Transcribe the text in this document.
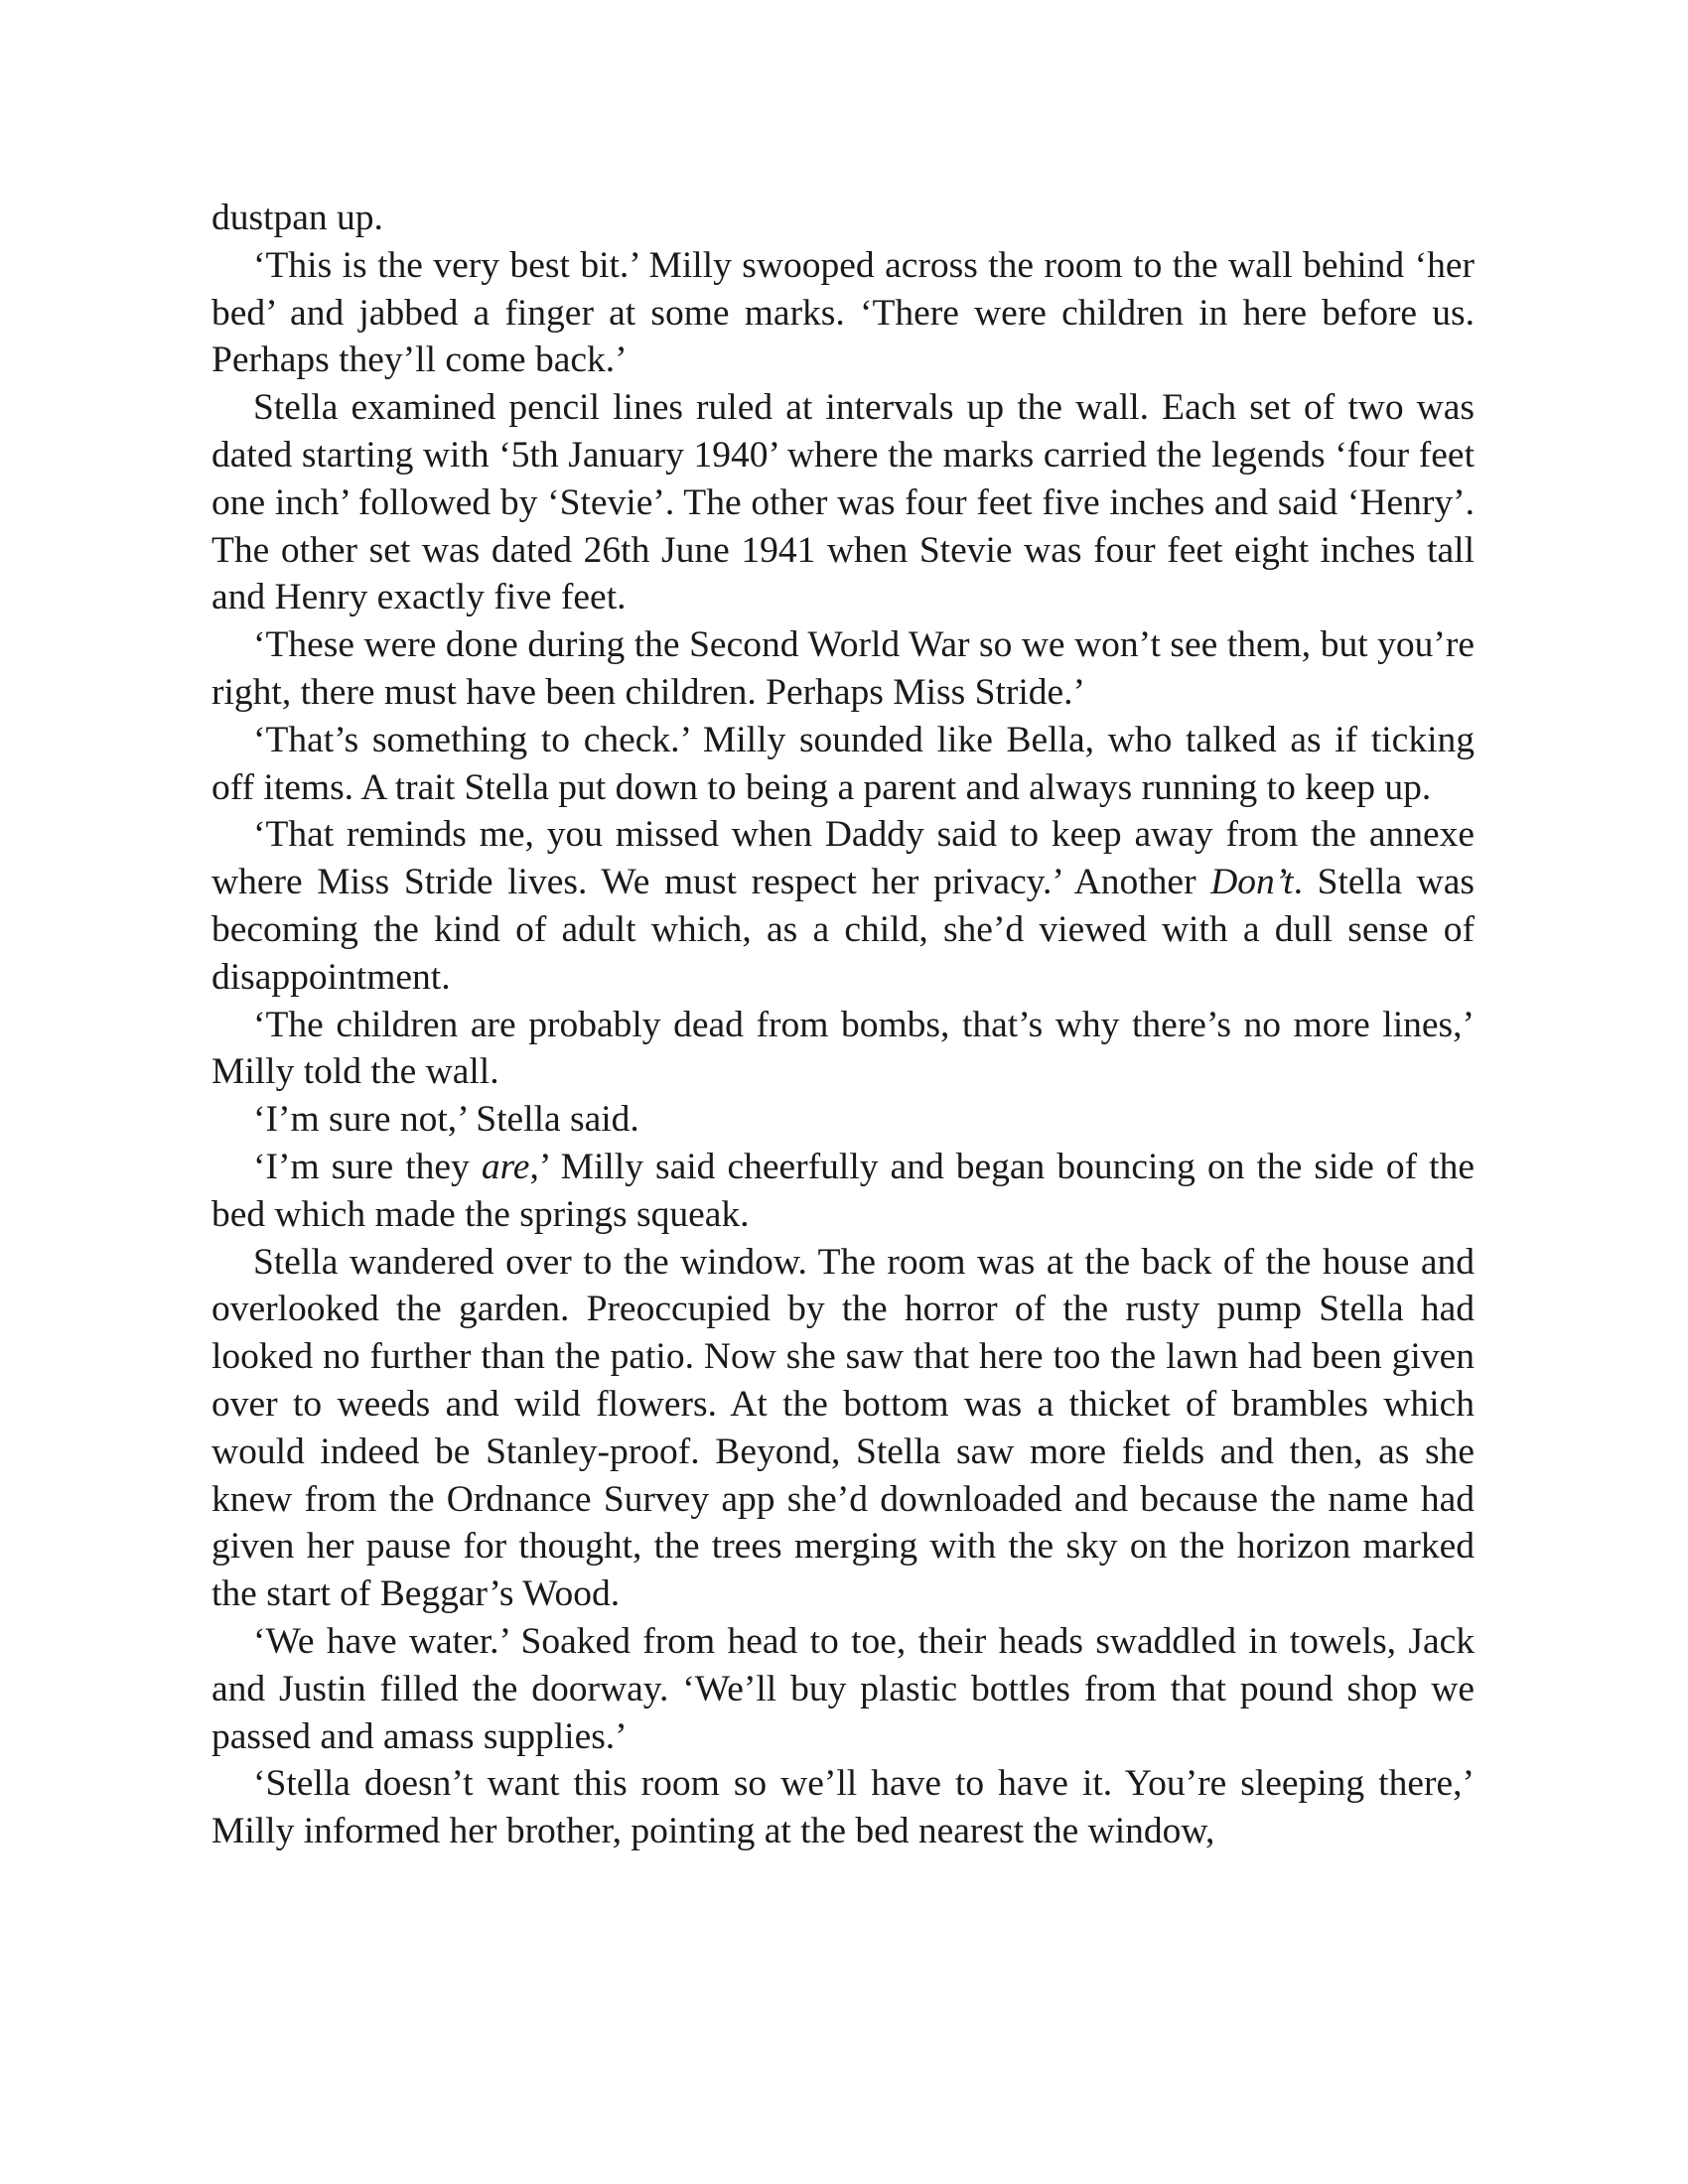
dustpan up.

‘This is the very best bit.’ Milly swooped across the room to the wall behind ‘her bed’ and jabbed a finger at some marks. ‘There were children in here before us. Perhaps they’ll come back.’

Stella examined pencil lines ruled at intervals up the wall. Each set of two was dated starting with ‘5th January 1940’ where the marks carried the legends ‘four feet one inch’ followed by ‘Stevie’. The other was four feet five inches and said ‘Henry’. The other set was dated 26th June 1941 when Stevie was four feet eight inches tall and Henry exactly five feet.

‘These were done during the Second World War so we won’t see them, but you’re right, there must have been children. Perhaps Miss Stride.’

‘That’s something to check.’ Milly sounded like Bella, who talked as if ticking off items. A trait Stella put down to being a parent and always running to keep up.

‘That reminds me, you missed when Daddy said to keep away from the annexe where Miss Stride lives. We must respect her privacy.’ Another Don’t. Stella was becoming the kind of adult which, as a child, she’d viewed with a dull sense of disappointment.

‘The children are probably dead from bombs, that’s why there’s no more lines,’ Milly told the wall.

‘I’m sure not,’ Stella said.

‘I’m sure they are,’ Milly said cheerfully and began bouncing on the side of the bed which made the springs squeak.

Stella wandered over to the window. The room was at the back of the house and overlooked the garden. Preoccupied by the horror of the rusty pump Stella had looked no further than the patio. Now she saw that here too the lawn had been given over to weeds and wild flowers. At the bottom was a thicket of brambles which would indeed be Stanley-proof. Beyond, Stella saw more fields and then, as she knew from the Ordnance Survey app she’d downloaded and because the name had given her pause for thought, the trees merging with the sky on the horizon marked the start of Beggar’s Wood.

‘We have water.’ Soaked from head to toe, their heads swaddled in towels, Jack and Justin filled the doorway. ‘We’ll buy plastic bottles from that pound shop we passed and amass supplies.’

‘Stella doesn’t want this room so we’ll have to have it. You’re sleeping there,’ Milly informed her brother, pointing at the bed nearest the window,
